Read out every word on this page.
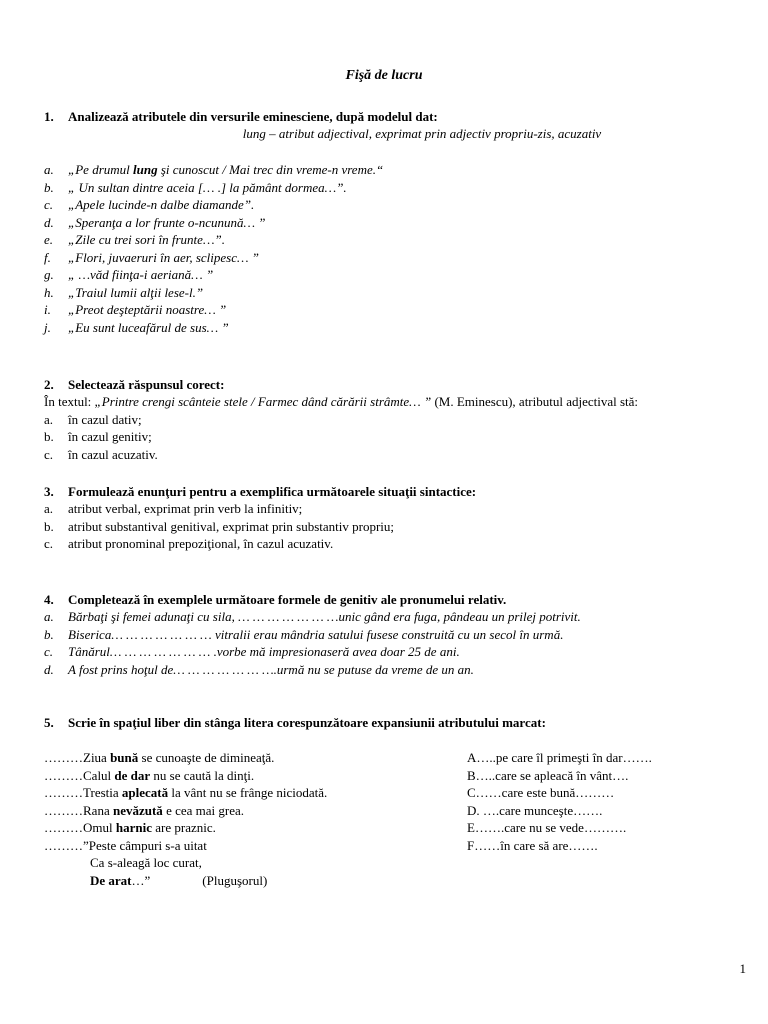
Fişă de lucru
1. Analizează atributele din versurile eminesciene, după modelul dat:
lung – atribut adjectival, exprimat prin adjectiv propriu-zis, acuzativ
a. „Pe drumul lung şi cunoscut / Mai trec din vreme-n vreme.“
b. „ Un sultan dintre aceia [… .] la pământ dormea…”.
c. „Apele lucinde-n dalbe diamande”.
d. „Speranţa a lor frunte o-ncunună… ”
e. „Zile cu trei sori în frunte…”.
f. „Flori, juvaeruri în aer, sclipesc… ”
g. „ …văd fiinţa-i aeriană… ”
h. „Traiul lumii alţii lese-l.”
i. „Preot deşteptării noastre… ”
j. „Eu sunt luceafărul de sus… ”
2. Selectează răspunsul corect:
În textul: „Printre crengi scânteie stele / Farmec dând cărării strâmte… ” (M. Eminescu), atributul adjectival stă:
a. în cazul dativ;
b. în cazul genitiv;
c. în cazul acuzativ.
3. Formulează enunţuri pentru a exemplifica următoarele situaţii sintactice:
a. atribut verbal, exprimat prin verb la infinitiv;
b. atribut substantival genitival, exprimat prin substantiv propriu;
c. atribut pronominal prepoziţional, în cazul acuzativ.
4. Completează în exemplele următoare formele de genitiv ale pronumelui relativ.
a. Bărbaţi şi femei adunaţi cu sila, … … … … … … …unic gând era fuga, pândeau un prilej potrivit.
b. Biserica… … … … … … … vitralii erau mândria satului fusese construită cu un secol în urmă.
c. Tânărul… … … … … … … .vorbe mă impresionaseră avea doar 25 de ani.
d. A fost prins hoţul de… … … … … … ….urmă nu se putuse da vreme de un an.
5. Scrie în spaţiul liber din stânga litera corespunzătoare expansiunii atributului marcat:
………Ziua bună se cunoaşte de dimineaţă.
………Calul de dar nu se caută la dinţi.
………Trestia aplecată la vânt nu se frânge niciodată.
………Rana nevăzută e cea mai grea.
………Omul harnic are praznic.
………”Peste câmpuri s-a uitat
Ca s-aleagă loc curat,
De arat…”	(Pluguşorul)
A…..pe care îl primeşti în dar…….
B…..care se apleacă în vânt….
C……care este bună………
D. ….care munceşte…….
E…….care nu se vede……….
F……în care să are…….
1
